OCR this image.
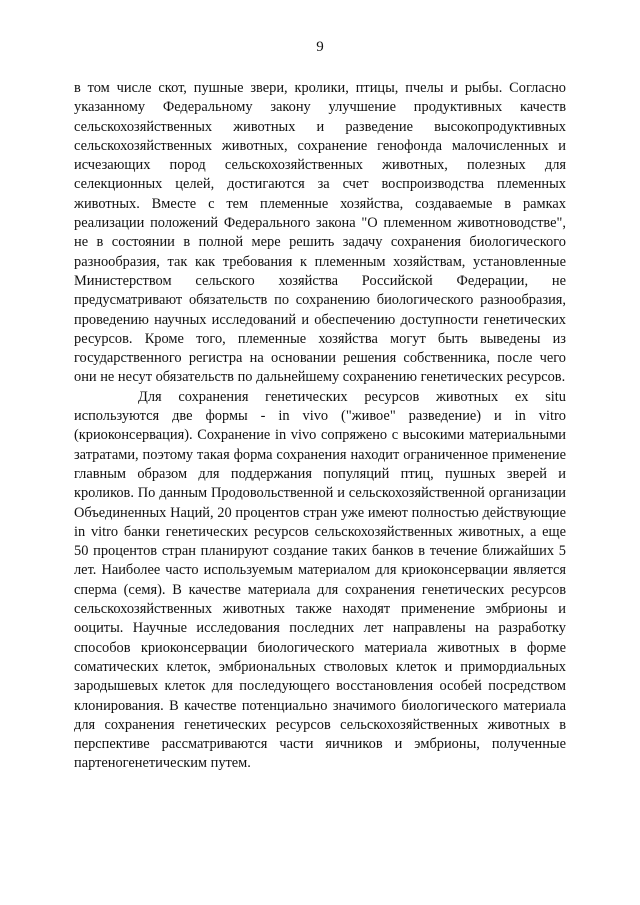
9

в том числе скот, пушные звери, кролики, птицы, пчелы и рыбы. Согласно указанному Федеральному закону улучшение продуктивных качеств сельскохозяйственных животных и разведение высокопродуктивных сельскохозяйственных животных, сохранение генофонда малочисленных и исчезающих пород сельскохозяйственных животных, полезных для селекционных целей, достигаются за счет воспроизводства племенных животных. Вместе с тем племенные хозяйства, создаваемые в рамках реализации положений Федерального закона "О племенном животноводстве", не в состоянии в полной мере решить задачу сохранения биологического разнообразия, так как требования к племенным хозяйствам, установленные Министерством сельского хозяйства Российской Федерации, не предусматривают обязательств по сохранению биологического разнообразия, проведению научных исследований и обеспечению доступности генетических ресурсов. Кроме того, племенные хозяйства могут быть выведены из государственного регистра на основании решения собственника, после чего они не несут обязательств по дальнейшему сохранению генетических ресурсов.

Для сохранения генетических ресурсов животных ex situ используются две формы - in vivo ("живое" разведение) и in vitro (криоконсервация). Сохранение in vivo сопряжено с высокими материальными затратами, поэтому такая форма сохранения находит ограниченное применение главным образом для поддержания популяций птиц, пушных зверей и кроликов. По данным Продовольственной и сельскохозяйственной организации Объединенных Наций, 20 процентов стран уже имеют полностью действующие in vitro банки генетических ресурсов сельскохозяйственных животных, а еще 50 процентов стран планируют создание таких банков в течение ближайших 5 лет. Наиболее часто используемым материалом для криоконсервации является сперма (семя). В качестве материала для сохранения генетических ресурсов сельскохозяйственных животных также находят применение эмбрионы и ооциты. Научные исследования последних лет направлены на разработку способов криоконсервации биологического материала животных в форме соматических клеток, эмбриональных стволовых клеток и примордиальных зародышевых клеток для последующего восстановления особей посредством клонирования. В качестве потенциально значимого биологического материала для сохранения генетических ресурсов сельскохозяйственных животных в перспективе рассматриваются части яичников и эмбрионы, полученные партеногенетическим путем.
